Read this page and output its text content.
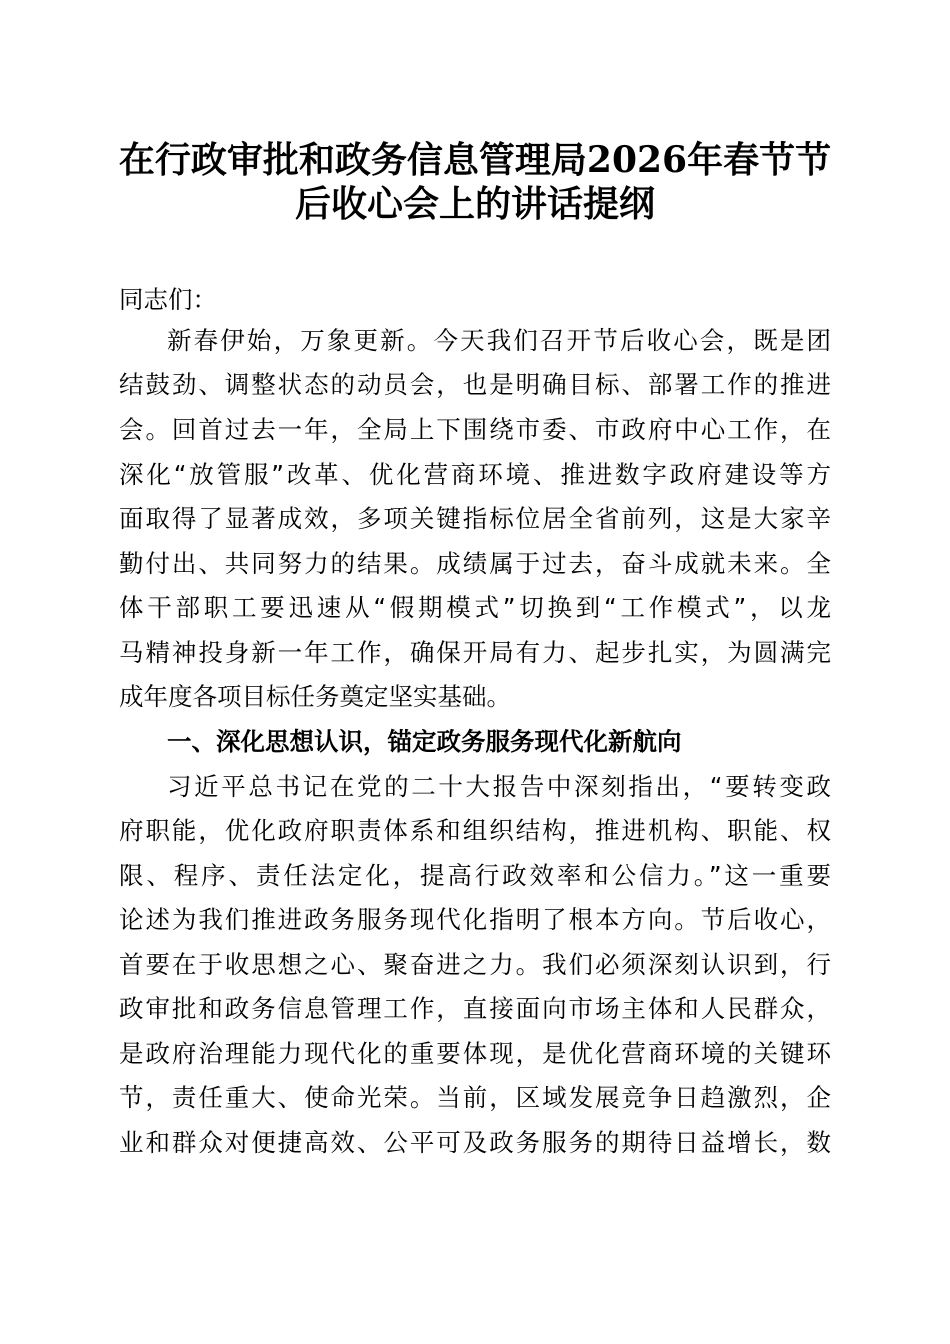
在行政审批和政务信息管理局2026年春节节
后收心会上的讲话提纲

同志们：

新春伊始，万象更新。今天我们召开节后收心会，既是团

结鼓劲、调整状态的动员会，也是明确目标、部署工作的推进

会。回首过去一年，全局上下围绕市委、市政府中心工作，在

深化“放管服”改革、优化营商环境、推进数字政府建设等方

面取得了显著成效，多项关键指标位居全省前列，这是大家辛

勤付出、共同努力的结果。成绩属于过去，奋斗成就未来。全

体干部职工要迅速从“假期模式”切换到“工作模式”，以龙

马精神投身新一年工作，确保开局有力、起步扎实，为圆满完

成年度各项目标任务奠定坚实基础。

一、深化思想认识，锚定政务服务现代化新航向

习近平总书记在党的二十大报告中深刻指出，“要转变政

府职能，优化政府职责体系和组织结构，推进机构、职能、权

限、程序、责任法定化，提高行政效率和公信力。”这一重要

论述为我们推进政务服务现代化指明了根本方向。节后收心，

首要在于收思想之心、聚奋进之力。我们必须深刻认识到，行

政审批和政务信息管理工作，直接面向市场主体和人民群众，

是政府治理能力现代化的重要体现，是优化营商环境的关键环

节，责任重大、使命光荣。当前，区域发展竞争日趋激烈，企

业和群众对便捷高效、公平可及政务服务的期待日益增长，数
